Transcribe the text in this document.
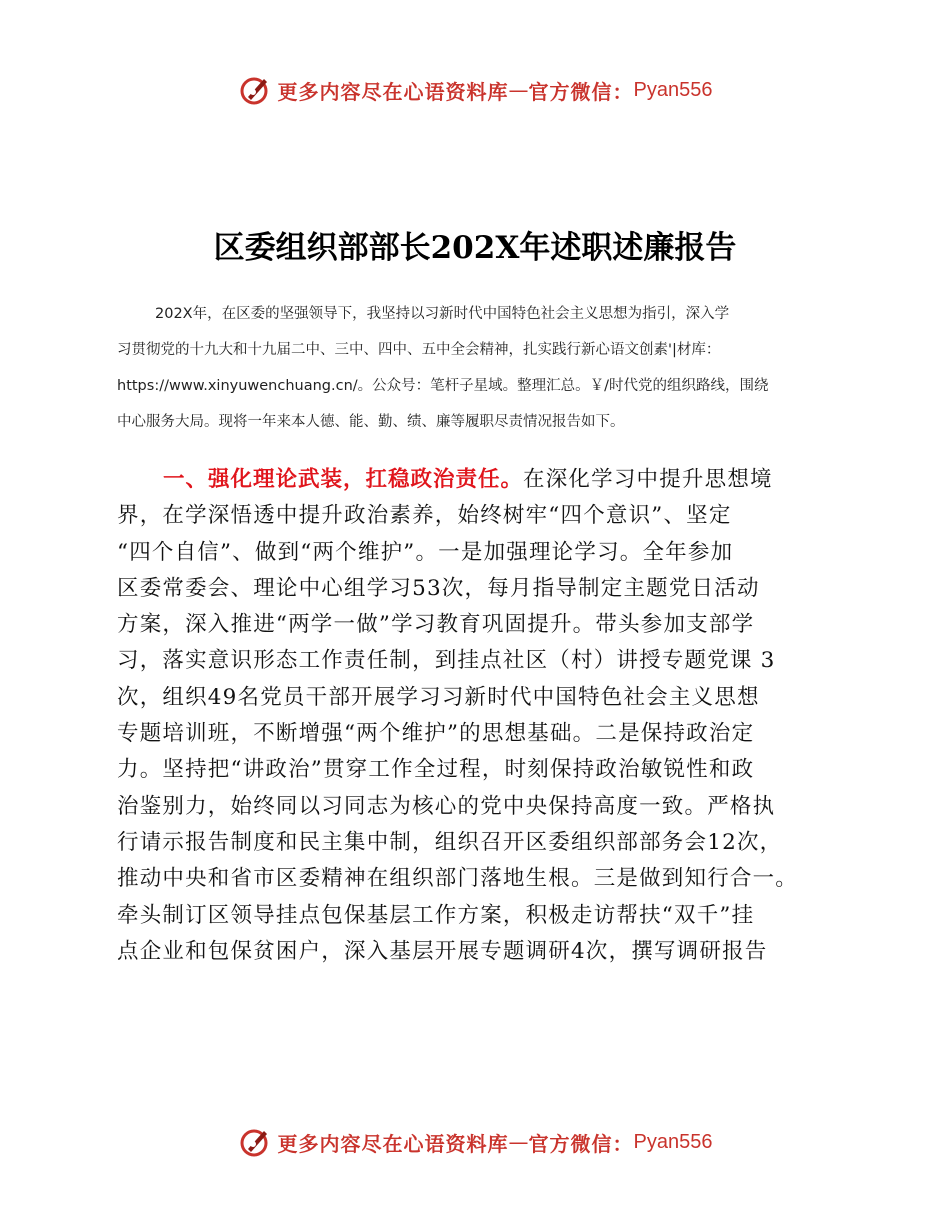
更多内容尽在心语资料库 — 官方微信： Pyan556
区委组织部部长202X年述职述廉报告
202X年，在区委的坚强领导下，我坚持以习新时代中国特色社会主义思想为指引，深入学
习贯彻党的十九大和十九届二中、三中、四中、五中全会精神，扎实践行新心语文创素'|材库：
https://www.xinyuwenchuang.cn/。公众号：笔杆子星域。整理汇总。￥/时代党的组织路线，围绕
中心服务大局。现将一年来本人德、能、勤、绩、廉等履职尽责情况报告如下。
一、强化理论武装，扛稳政治责任。在深化学习中提升思想境
界，在学深悟透中提升政治素养，始终树牢“四个意识”、坚定
“四个自信”、做到“两个维护”。一是加强理论学习。全年参加
区委常委会、理论中心组学习53次，每月指导制定主题党日活动
方案，深入推进“两学一做”学习教育巩固提升。带头参加支部学
习，落实意识形态工作责任制，到挂点社区（村）讲授专题党课 3
次，组织49名党员干部开展学习习新时代中国特色社会主义思想
专题培训班，不断增强“两个维护”的思想基础。二是保持政治定
力。坚持把“讲政治”贯穿工作全过程，时刻保持政治敏锐性和政
治鉴别力，始终同以习同志为核心的党中央保持高度一致。严格执
行请示报告制度和民主集中制，组织召开区委组织部部务会12次，
推动中央和省市区委精神在组织部门落地生根。三是做到知行合一。
牵头制订区领导挂点包保基层工作方案，积极走访帮扶“双千”挂
点企业和包保贫困户，深入基层开展专题调研4次，撰写调研报告
更多内容尽在心语资料库 — 官方微信： Pyan556
